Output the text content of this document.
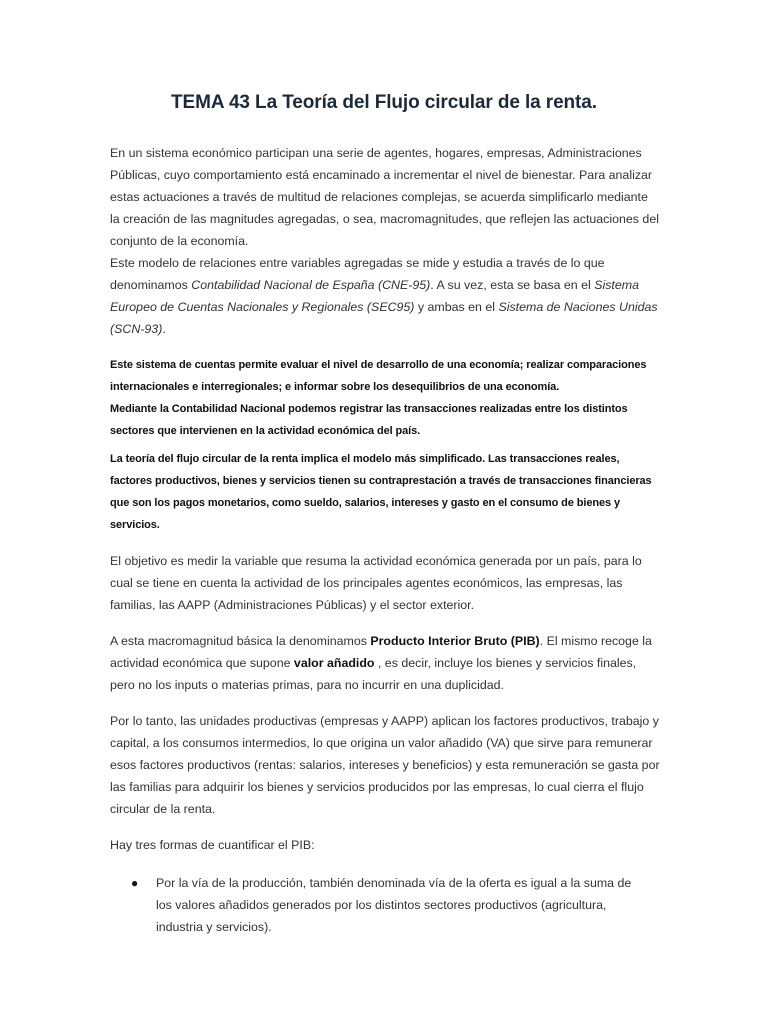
TEMA 43 La Teoría del Flujo circular de la renta.

En un sistema económico participan una serie de agentes, hogares, empresas, Administraciones Públicas, cuyo comportamiento está encaminado a incrementar el nivel de bienestar. Para analizar estas actuaciones a través de multitud de relaciones complejas, se acuerda simplificarlo mediante la creación de las magnitudes agregadas, o sea, macromagnitudes, que reflejen las actuaciones del conjunto de la economía.

Este modelo de relaciones entre variables agregadas se mide y estudia a través de lo que denominamos Contabilidad Nacional de España (CNE-95). A su vez, esta se basa en el Sistema Europeo de Cuentas Nacionales y Regionales (SEC95) y ambas en el Sistema de Naciones Unidas (SCN-93).

Este sistema de cuentas permite evaluar el nivel de desarrollo de una economía; realizar comparaciones internacionales e interregionales; e informar sobre los desequilibrios de una economía.

Mediante la Contabilidad Nacional podemos registrar las transacciones realizadas entre los distintos sectores que intervienen en la actividad económica del país.

La teoría del flujo circular de la renta implica el modelo más simplificado. Las transacciones reales, factores productivos, bienes y servicios tienen su contraprestación a través de transacciones financieras que son los pagos monetarios, como sueldo, salarios, intereses y gasto en el consumo de bienes y servicios.

El objetivo es medir la variable que resuma la actividad económica generada por un país, para lo cual se tiene en cuenta la actividad de los principales agentes económicos, las empresas, las familias, las AAPP (Administraciones Públicas) y el sector exterior.
A esta macromagnitud básica la denominamos Producto Interior Bruto (PIB). El mismo recoge la actividad económica que supone valor añadido , es decir, incluye los bienes y servicios finales, pero no los inputs o materias primas, para no incurrir en una duplicidad.
Por lo tanto, las unidades productivas (empresas y AAPP) aplican los factores productivos, trabajo y capital, a los consumos intermedios, lo que origina un valor añadido (VA) que sirve para remunerar esos factores productivos (rentas: salarios, intereses y beneficios) y esta remuneración se gasta por las familias para adquirir los bienes y servicios producidos por las empresas, lo cual cierra el flujo circular de la renta.
Hay tres formas de cuantificar el PIB:
● Por la vía de la producción, también denominada vía de la oferta es igual a la suma de los valores añadidos generados por los distintos sectores productivos (agricultura, industria y servicios).
